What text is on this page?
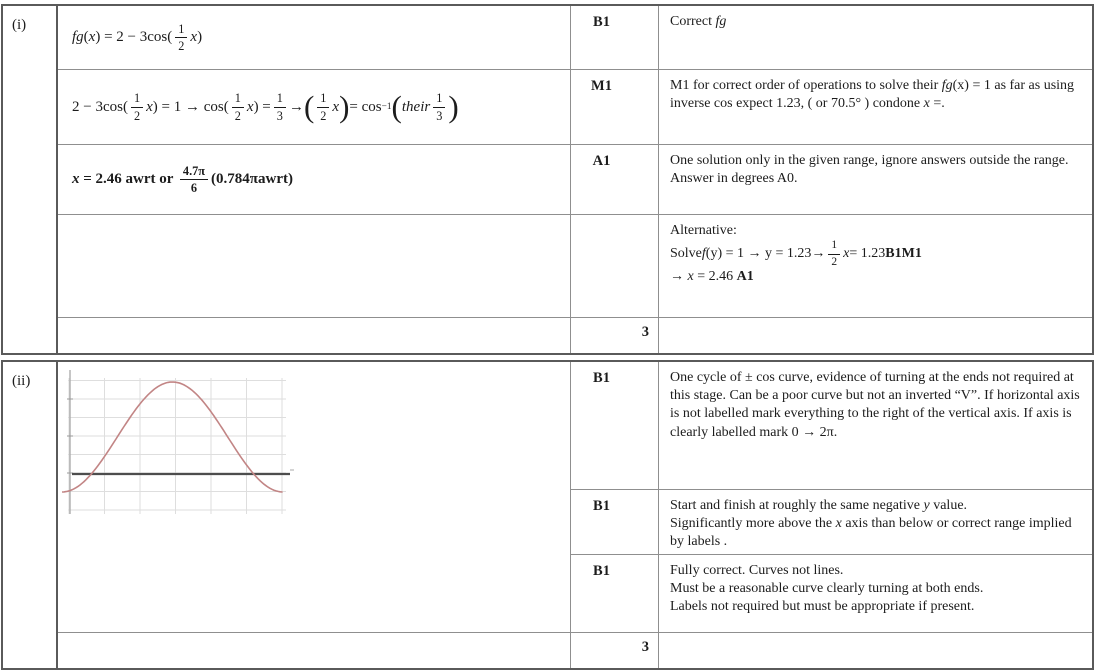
(i)
fg ( x ) = 2 − 3cos(
1
2
x )
B1	Correct fg
2 − 3cos(
1
2
x ) = 1 → cos(
1
2
x ) = $\frac{1}{3}$ → ( 1
2
x ) = cos −1 ( their
1
3 )
M1	M1 for correct order of operations to solve their fg(x) = 1 as far as using inverse cos expect 1.23, ( or 70.5° ) condone x =.
x = 2.46 awrt or $\frac{4.7\pi}{6}$ (0.784πawrt)
A1	One solution only in the given range, ignore answers outside the range.
Answer in degrees A0.
Alternative:
Solve f (y) = 1 → y = 1.23→
1
2
x = 1.23 B1M1
→ x = 2.46 A1
3
(ii)	B1	One cycle of ± cos curve, evidence of turning at the ends not required at this stage. Can be a poor curve but not an inverted “V”. If horizontal axis is not labelled mark everything to the right of the vertical axis. If axis is clearly labelled mark 0 → 2π.
B1	Start and finish at roughly the same negative y value.
Significantly more above the x axis than below or correct range implied by labels .
B1	Fully correct. Curves not lines.
Must be a reasonable curve clearly turning at both ends.
Labels not required but must be appropriate if present.
3
